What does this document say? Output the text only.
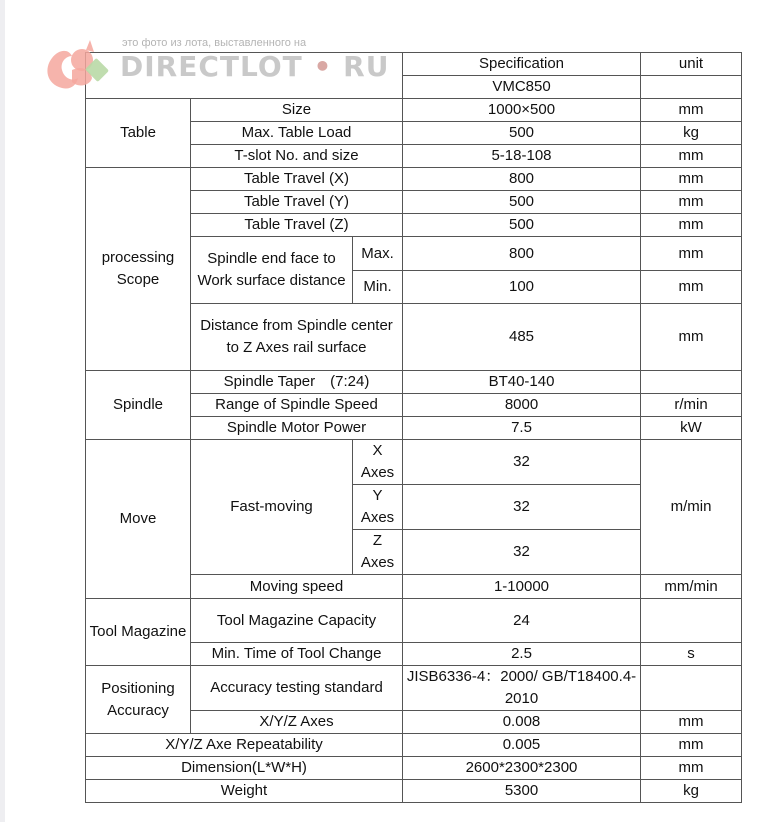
это фото из лота, выставленного на
DIRECTLOT • RU
			Specification	unit
			VMC850	
Table	Size		1000×500	mm
	Max. Table Load		500	kg
	T-slot No. and size		5-18-108	mm
processing Scope	Table Travel (X)		800	mm
	Table Travel (Y)		500	mm
	Table Travel (Z)		500	mm
	Spindle end face to Work surface distance	Max.	800	mm
		Min.	100	mm
	Distance from Spindle center to Z Axes rail surface		485	mm
Spindle	Spindle Taper　(7:24)		BT40-140	
	Range of Spindle Speed		8000	r/min
	Spindle Motor Power		7.5	kW
Move	Fast-moving	X Axes	32	m/min
		Y Axes	32	
		Z Axes	32	
	Moving speed		1-10000	mm/min
Tool Magazine	Tool Magazine Capacity		24	
	Min. Time of Tool Change		2.5	s
Positioning Accuracy	Accuracy testing standard		JISB6336-4：2000/ GB/T18400.4-2010	
	X/Y/Z Axes		0.008	mm
X/Y/Z Axe Repeatability			0.005	mm
Dimension(L*W*H)			2600*2300*2300	mm
Weight			5300	kg
